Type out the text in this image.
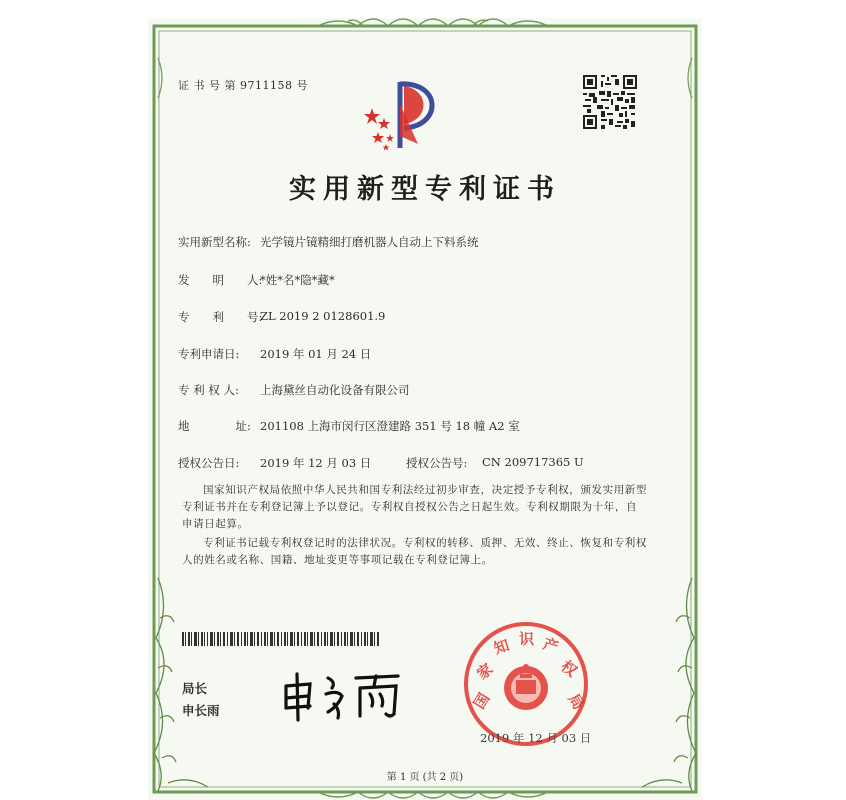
证 书 号 第 9711158 号
实用新型专利证书
实用新型名称: 光学镜片镜精细打磨机器人自动上下料系统
发　　明　　人:
*姓*名*隐*藏*
专　　利　　号:
ZL 2019 2 0128601.9
专利申请日: 2019 年 01 月 24 日
专 利 权 人: 上海黛丝自动化设备有限公司
地　　　　址: 201108 上海市闵行区澄建路 351 号 18 幢 A2 室
授权公告日: 2019 年 12 月 03 日	授权公告号: CN 209717365 U
国家知识产权局依照中华人民共和国专利法经过初步审查，决定授予专利权，颁发实用新型专利证书并在专利登记簿上予以登记。专利权自授权公告之日起生效。专利权期限为十年，自申请日起算。
专利证书记载专利权登记时的法律状况。专利权的转移、质押、无效、终止、恢复和专利权人的姓名或名称、国籍、地址变更等事项记载在专利登记簿上。
局长
申长雨	国
家
知 识 产
权
局
2019 年 12 月 03 日
第 1 页 (共 2 页)
